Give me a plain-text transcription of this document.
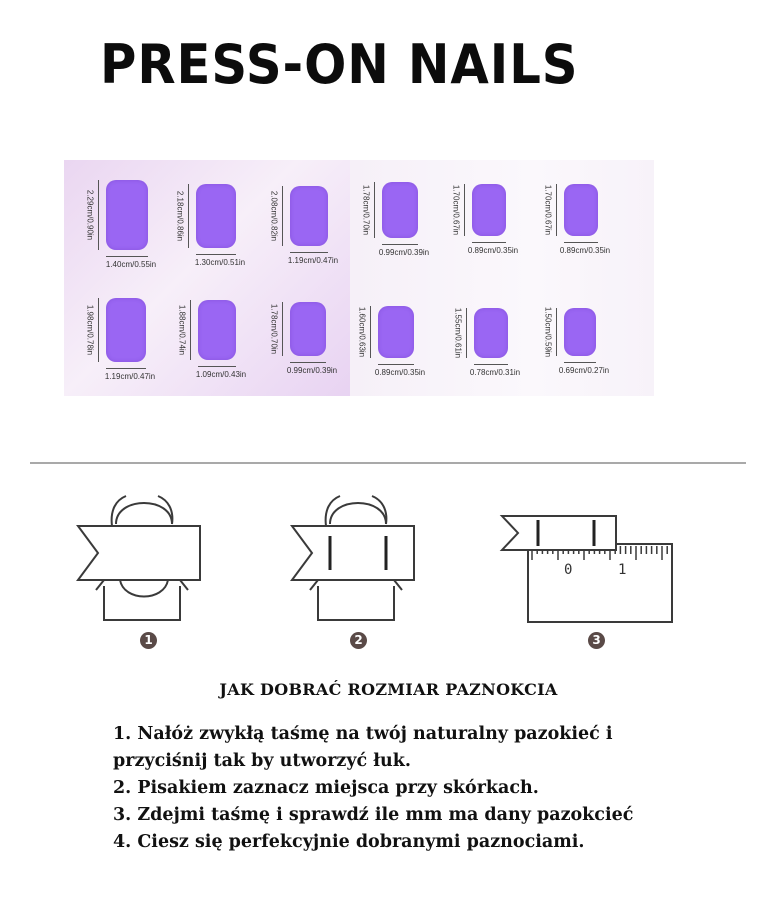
PRESS-ON NAILS
2.29cm/0.90in
1.40cm/0.55in
2.18cm/0.86in
1.30cm/0.51in
2.08cm/0.82in
1.19cm/0.47in
1.78cm/0.70in
0.99cm/0.39in
1.70cm/0.67in
0.89cm/0.35in
1.70cm/0.67in
0.89cm/0.35in
1.98cm/0.78in
1.19cm/0.47in
1.88cm/0.74in
1.09cm/0.43in
1.78cm/0.70in
0.99cm/0.39in
1.60cm/0.63in
0.89cm/0.35in
1.55cm/0.61in
0.78cm/0.31in
1.50cm/0.59in
0.69cm/0.27in
1	2
0	1
3
JAK DOBRAĆ ROZMIAR PAZNOKCIA
1. Nałóż zwykłą taśmę na twój naturalny pazokieć i
przyciśnij tak by utworzyć łuk.
2. Pisakiem zaznacz miejsca przy skórkach.
3. Zdejmi taśmę i sprawdź ile mm ma dany pazokcieć
4. Ciesz się perfekcyjnie dobranymi paznociami.
